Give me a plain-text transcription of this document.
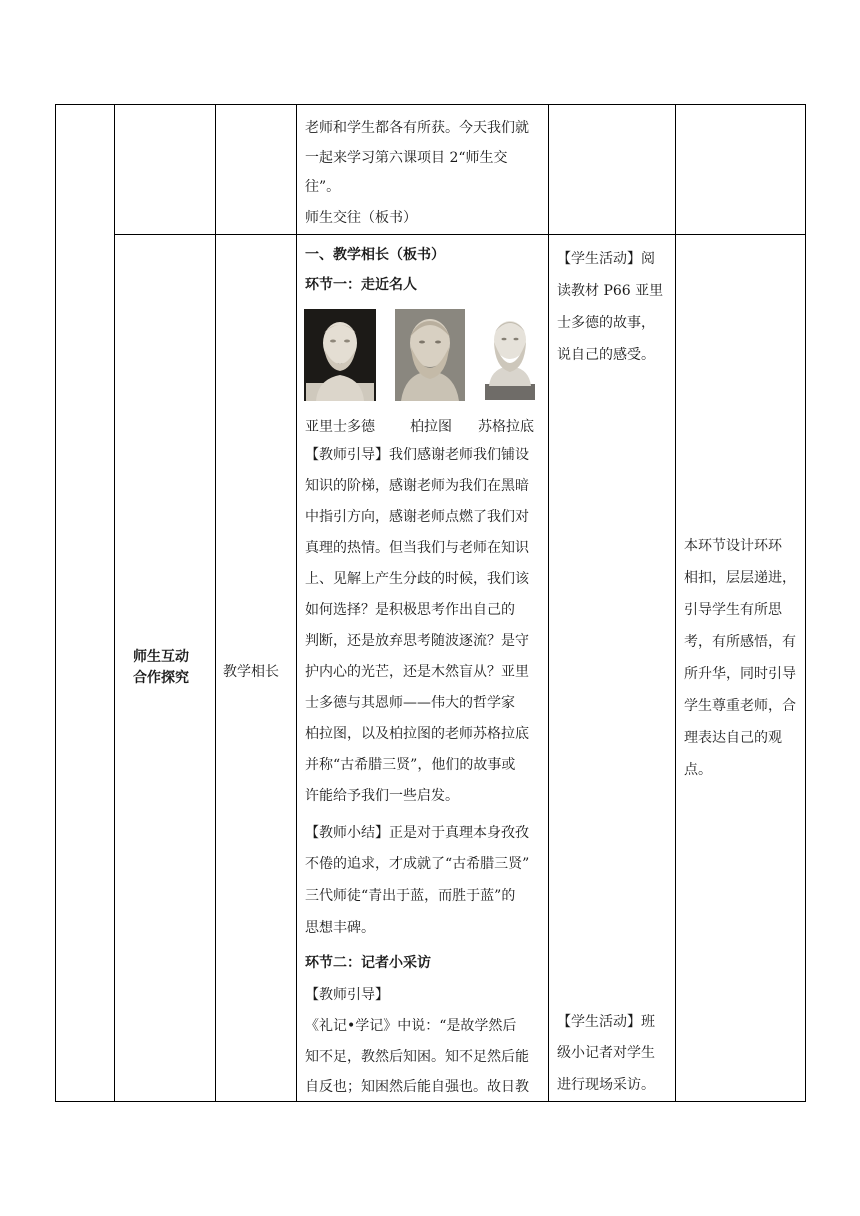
老师和学生都各有所获。今天我们就
一起来学习第六课项目 2“师生交
往”。
师生交往（板书）
师生互动
合作探究 教学相长
一、教学相长（板书）
环节一：走近名人
亚里士多德	柏拉图 苏格拉底
【教师引导】我们感谢老师我们铺设
知识的阶梯，感谢老师为我们在黑暗
中指引方向，感谢老师点燃了我们对
真理的热情。但当我们与老师在知识
上、见解上产生分歧的时候，我们该
如何选择？是积极思考作出自己的
判断，还是放弃思考随波逐流？是守
护内心的光芒，还是木然盲从？亚里
士多德与其恩师——伟大的哲学家
柏拉图，以及柏拉图的老师苏格拉底
并称“古希腊三贤”，他们的故事或
许能给予我们一些启发。
【教师小结】正是对于真理本身孜孜
不倦的追求，才成就了“古希腊三贤”
三代师徒“青出于蓝，而胜于蓝”的
思想丰碑。
环节二：记者小采访
【教师引导】
《礼记•学记》中说：“是故学然后
知不足，教然后知困。知不足然后能
自反也；知困然后能自强也。故日教
【学生活动】阅
读教材 P66 亚里
士多德的故事，
说自己的感受。
【学生活动】班
级小记者对学生
进行现场采访。
本环节设计环环
相扣，层层递进，
引导学生有所思
考，有所感悟，有
所升华，同时引导
学生尊重老师，合
理表达自己的观
点。
